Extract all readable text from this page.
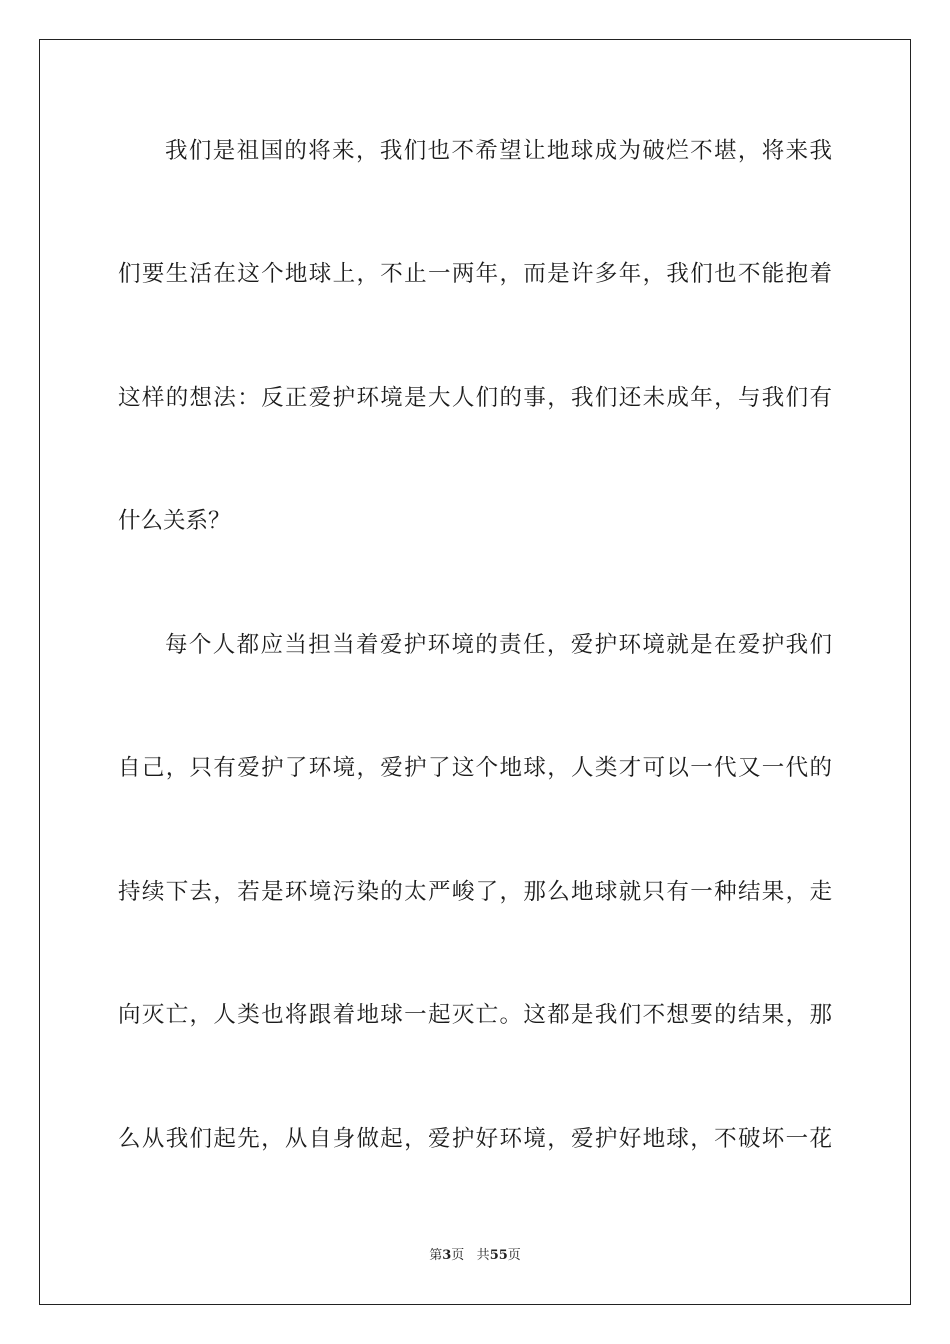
我们是祖国的将来，我们也不希望让地球成为破烂不堪，将来我
们要生活在这个地球上，不止一两年，而是许多年，我们也不能抱着
这样的想法：反正爱护环境是大人们的事，我们还未成年，与我们有
什么关系？
每个人都应当担当着爱护环境的责任，爱护环境就是在爱护我们
自己，只有爱护了环境，爱护了这个地球，人类才可以一代又一代的
持续下去，若是环境污染的太严峻了，那么地球就只有一种结果，走
向灭亡，人类也将跟着地球一起灭亡。这都是我们不想要的结果，那
么从我们起先，从自身做起，爱护好环境，爱护好地球，不破坏一花
第3页 共55页
